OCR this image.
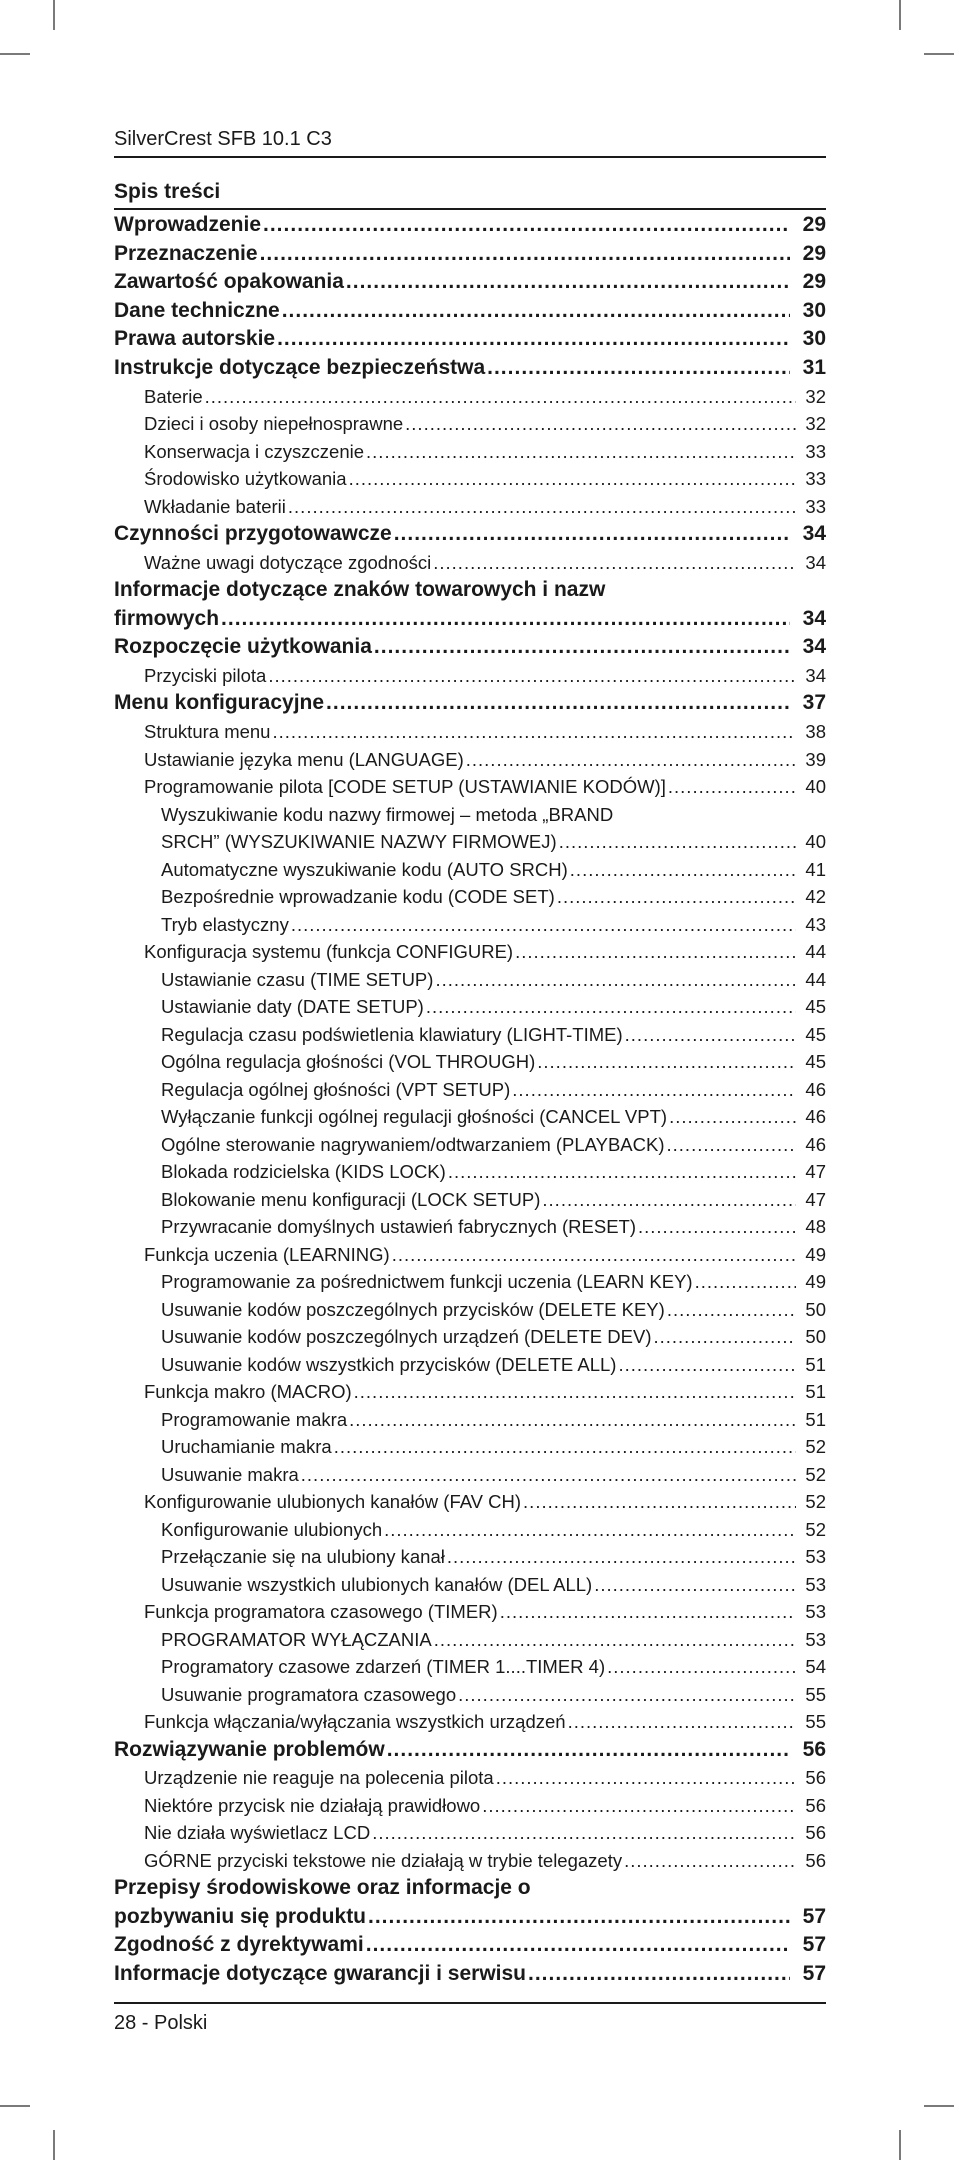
SilverCrest SFB 10.1 C3
Spis treści
Wprowadzenie .....	29
Przeznaczenie .....	29
Zawartość opakowania .....	29
Dane techniczne .....	30
Prawa autorskie .....	30
Instrukcje dotyczące bezpieczeństwa .....	31
Baterie .....	32
Dzieci i osoby niepełnosprawne .....	32
Konserwacja i czyszczenie .....	33
Środowisko użytkowania .....	33
Wkładanie baterii .....	33
Czynności przygotowawcze .....	34
Ważne uwagi dotyczące zgodności .....	34
Informacje dotyczące znaków towarowych i nazw
firmowych .....	34
Rozpoczęcie użytkowania .....	34
Przyciski pilota .....	34
Menu konfiguracyjne .....	37
Struktura menu .....	38
Ustawianie języka menu (LANGUAGE) .....	39
Programowanie pilota [CODE SETUP (USTAWIANIE KODÓW)] .....	40
Wyszukiwanie kodu nazwy firmowej – metoda „BRAND
SRCH” (WYSZUKIWANIE NAZWY FIRMOWEJ) .....	40
Automatyczne wyszukiwanie kodu (AUTO SRCH) .....	41
Bezpośrednie wprowadzanie kodu (CODE SET) .....	42
Tryb elastyczny .....	43
Konfiguracja systemu (funkcja CONFIGURE) .....	44
Ustawianie czasu (TIME SETUP) .....	44
Ustawianie daty (DATE SETUP) .....	45
Regulacja czasu podświetlenia klawiatury (LIGHT-TIME) .....	45
Ogólna regulacja głośności (VOL THROUGH) .....	45
Regulacja ogólnej głośności (VPT SETUP) .....	46
Wyłączanie funkcji ogólnej regulacji głośności (CANCEL VPT) .....	46
Ogólne sterowanie nagrywaniem/odtwarzaniem (PLAYBACK) .....	46
Blokada rodzicielska (KIDS LOCK) .....	47
Blokowanie menu konfiguracji (LOCK SETUP) .....	47
Przywracanie domyślnych ustawień fabrycznych (RESET) .....	48
Funkcja uczenia (LEARNING) .....	49
Programowanie za pośrednictwem funkcji uczenia (LEARN KEY) .....	49
Usuwanie kodów poszczególnych przycisków (DELETE KEY) .....	50
Usuwanie kodów poszczególnych urządzeń (DELETE DEV) .....	50
Usuwanie kodów wszystkich przycisków (DELETE ALL) .....	51
Funkcja makro (MACRO) .....	51
Programowanie makra .....	51
Uruchamianie makra .....	52
Usuwanie makra .....	52
Konfigurowanie ulubionych kanałów (FAV CH) .....	52
Konfigurowanie ulubionych .....	52
Przełączanie się na ulubiony kanał .....	53
Usuwanie wszystkich ulubionych kanałów (DEL ALL) .....	53
Funkcja programatora czasowego (TIMER) .....	53
PROGRAMATOR WYŁĄCZANIA .....	53
Programatory czasowe zdarzeń (TIMER 1....TIMER 4) .....	54
Usuwanie programatora czasowego .....	55
Funkcja włączania/wyłączania wszystkich urządzeń .....	55
Rozwiązywanie problemów .....	56
Urządzenie nie reaguje na polecenia pilota .....	56
Niektóre przycisk nie działają prawidłowo .....	56
Nie działa wyświetlacz LCD .....	56
GÓRNE przyciski tekstowe nie działają w trybie telegazety .....	56
Przepisy środowiskowe oraz informacje o
pozbywaniu się produktu .....	57
Zgodność z dyrektywami .....	57
Informacje dotyczące gwarancji i serwisu .....	57
28 - Polski
